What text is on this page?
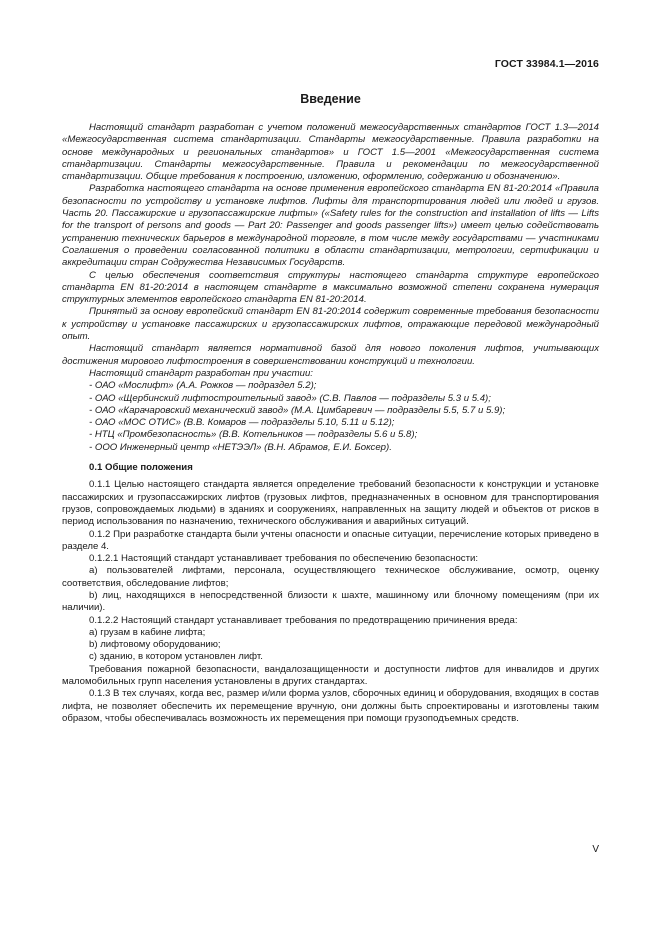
ГОСТ 33984.1—2016
Введение

Настоящий стандарт разработан с учетом положений межгосударственных стандартов ГОСТ 1.3—2014 «Межгосударственная система стандартизации. Стандарты межгосударственные. Правила разработки на основе международных и региональных стандартов» и ГОСТ 1.5—2001 «Межгосударственная система стандартизации. Стандарты межгосударственные. Правила и рекомендации по межгосударственной стандартизации. Общие требования к построению, изложению, оформлению, содержанию и обозначению».

Разработка настоящего стандарта на основе применения европейского стандарта EN 81-20:2014 «Правила безопасности по устройству и установке лифтов. Лифты для транспортирования людей или людей и грузов. Часть 20. Пассажирские и грузопассажирские лифты» («Safety rules for the construction and installation of lifts — Lifts for the transport of persons and goods — Part 20: Passenger and goods passenger lifts») имеет целью содействовать устранению технических барьеров в международной торговле, в том числе между государствами — участниками Соглашения о проведении согласованной политики в области стандартизации, метрологии, сертификации и аккредитации стран Содружества Независимых Государств.

С целью обеспечения соответствия структуры настоящего стандарта структуре европейского стандарта EN 81-20:2014 в настоящем стандарте в максимально возможной степени сохранена нумерация структурных элементов европейского стандарта EN 81-20:2014.

Принятый за основу европейский стандарт EN 81-20:2014 содержит современные требования безопасности к устройству и установке пассажирских и грузопассажирских лифтов, отражающие передовой международный опыт.

Настоящий стандарт является нормативной базой для нового поколения лифтов, учитывающих достижения мирового лифтостроения в совершенствовании конструкций и технологии.

Настоящий стандарт разработан при участии:

- ОАО «Мослифт» (А.А. Рожков — подраздел 5.2);

- ОАО «Щербинский лифтостроительный завод» (С.В. Павлов — подразделы 5.3 и 5.4);

- ОАО «Карачаровский механический завод» (М.А. Цимбаревич — подразделы 5.5, 5.7 и 5.9);

- ОАО «МОС ОТИС» (В.В. Комаров — подразделы 5.10, 5.11 и 5.12);

- НТЦ «Промбезопасность» (В.В. Котельников — подразделы 5.6 и 5.8);

- ООО Инженерный центр «НЕТЭЭЛ» (В.Н. Абрамов, Е.И. Боксер).

0.1 Общие положения

0.1.1 Целью настоящего стандарта является определение требований безопасности к конструкции и установке пассажирских и грузопассажирских лифтов (грузовых лифтов, предназначенных в основном для транспортирования грузов, сопровождаемых людьми) в зданиях и сооружениях, направленных на защиту людей и объектов от рисков в период использования по назначению, технического обслуживания и аварийных ситуаций.

0.1.2 При разработке стандарта были учтены опасности и опасные ситуации, перечисление которых приведено в разделе 4.

0.1.2.1 Настоящий стандарт устанавливает требования по обеспечению безопасности:

а) пользователей лифтами, персонала, осуществляющего техническое обслуживание, осмотр, оценку соответствия, обследование лифтов;

b) лиц, находящихся в непосредственной близости к шахте, машинному или блочному помещениям (при их наличии).

0.1.2.2 Настоящий стандарт устанавливает требования по предотвращению причинения вреда:

а) грузам в кабине лифта;

b) лифтовому оборудованию;

c) зданию, в котором установлен лифт.

Требования пожарной безопасности, вандалозащищенности и доступности лифтов для инвалидов и других маломобильных групп населения установлены в других стандартах.

0.1.3 В тех случаях, когда вес, размер и/или форма узлов, сборочных единиц и оборудования, входящих в состав лифта, не позволяет обеспечить их перемещение вручную, они должны быть спроектированы и изготовлены таким образом, чтобы обеспечивалась возможность их перемещения при помощи грузоподъемных средств.

V
